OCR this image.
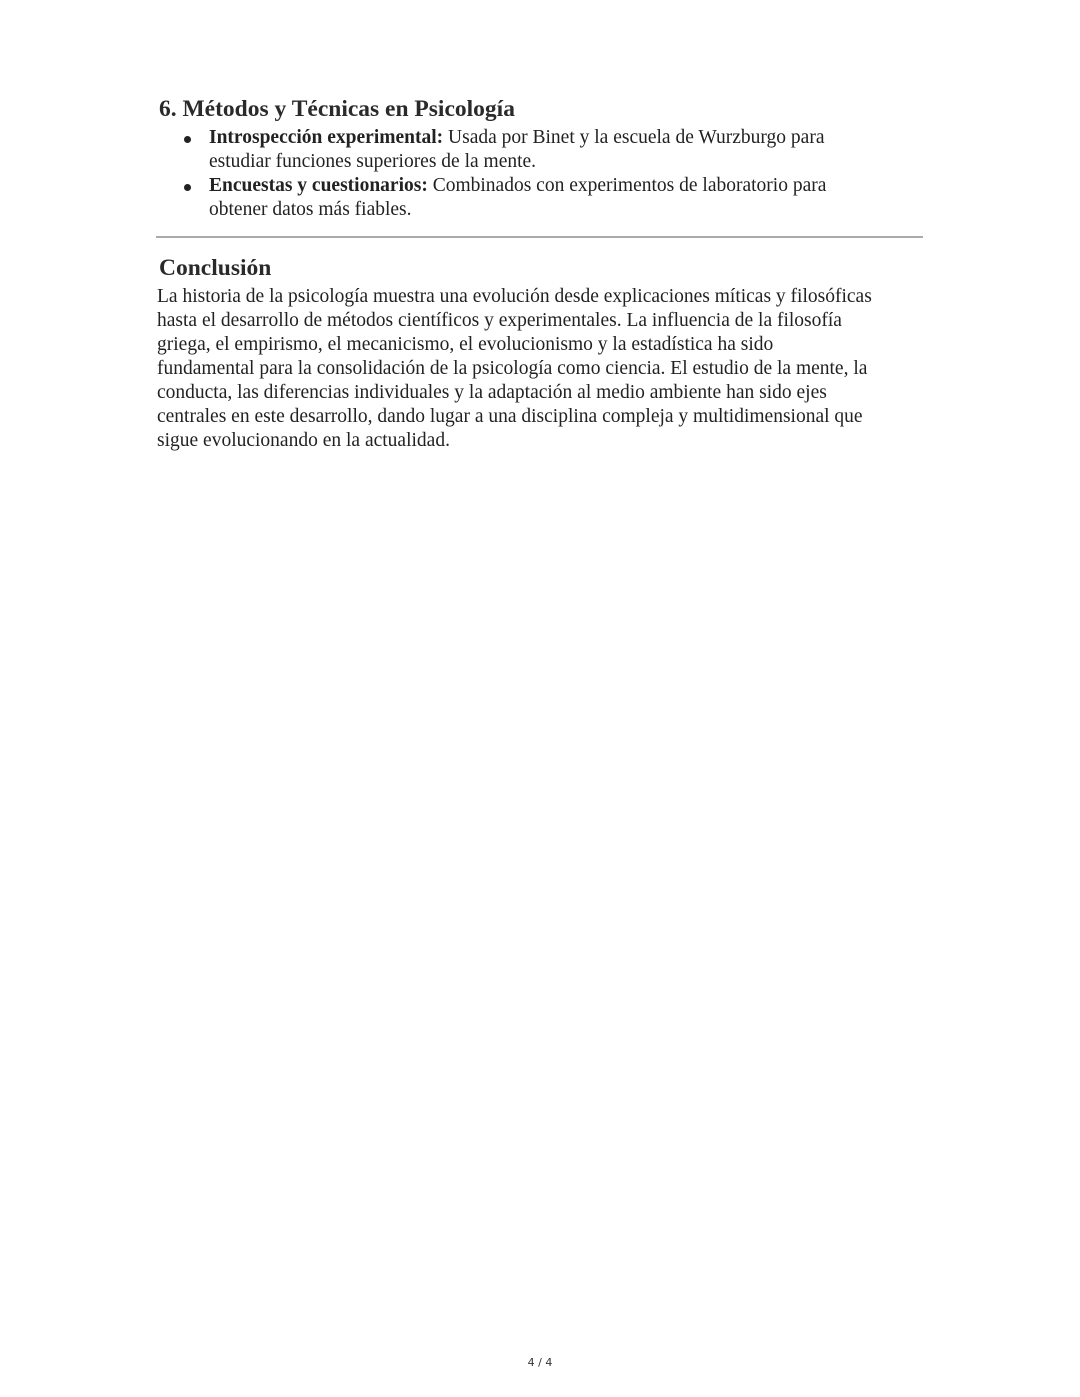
6. Métodos y Técnicas en Psicología
Introspección experimental: Usada por Binet y la escuela de Wurzburgo para
estudiar funciones superiores de la mente.
Encuestas y cuestionarios: Combinados con experimentos de laboratorio para
obtener datos más fiables.
Conclusión
La historia de la psicología muestra una evolución desde explicaciones míticas y filosóficas
hasta el desarrollo de métodos científicos y experimentales. La influencia de la filosofía
griega, el empirismo, el mecanicismo, el evolucionismo y la estadística ha sido
fundamental para la consolidación de la psicología como ciencia. El estudio de la mente, la
conducta, las diferencias individuales y la adaptación al medio ambiente han sido ejes
centrales en este desarrollo, dando lugar a una disciplina compleja y multidimensional que
sigue evolucionando en la actualidad.
4 / 4
